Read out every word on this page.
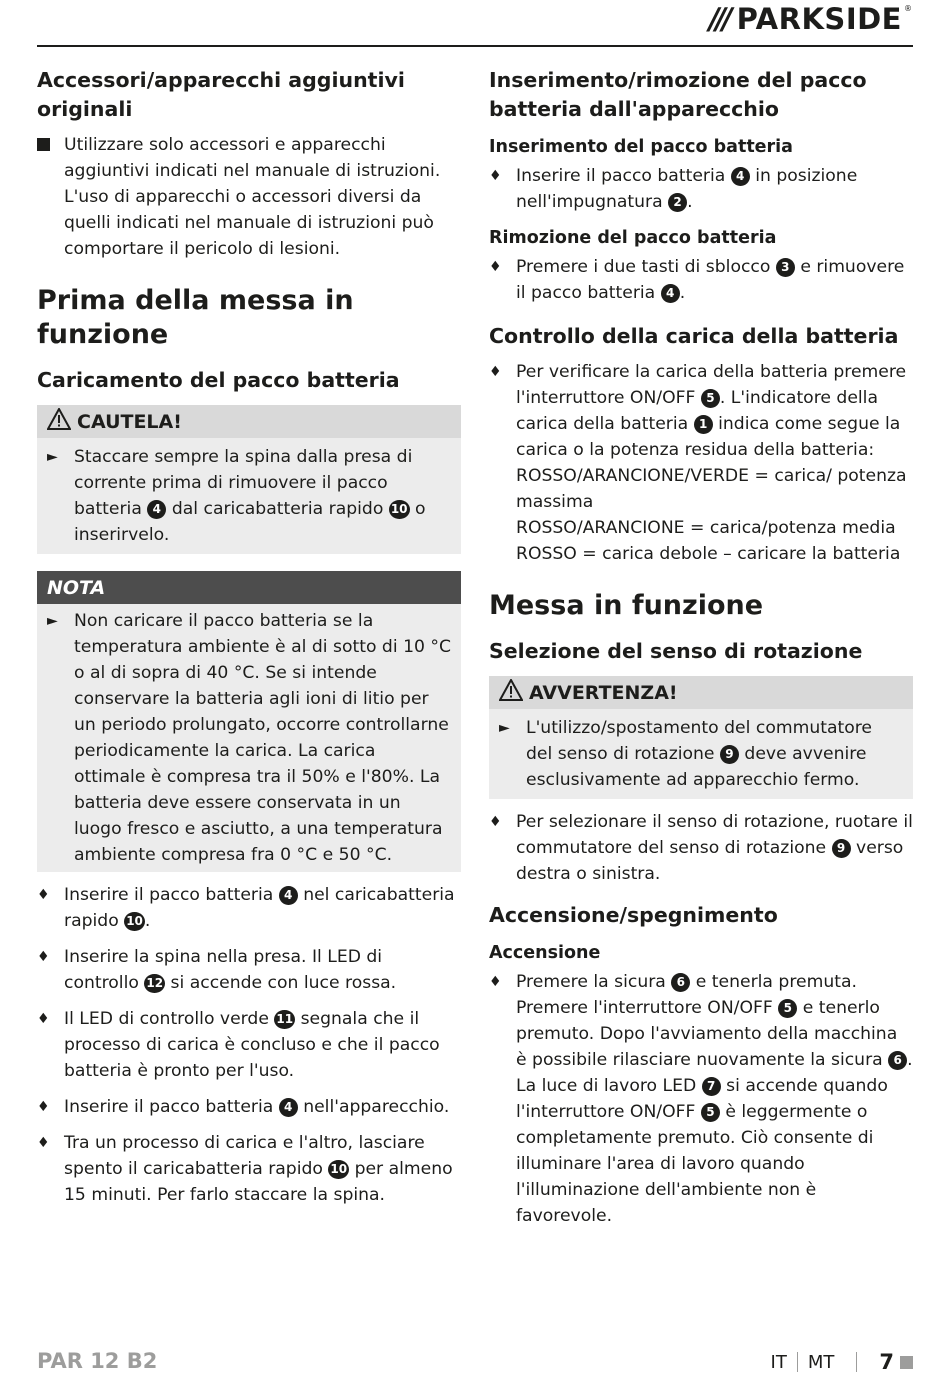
/// PARKSIDE ®
Accessori/apparecchi aggiuntivi originali

Utilizzare solo accessori e apparecchi aggiuntivi indicati nel manuale di istruzioni.

L'uso di apparecchi o accessori diversi da quelli indicati nel manuale di istruzioni può comportare il pericolo di lesioni.

Prima della messa in funzione
Caricamento del pacco batteria
CAUTELA!
► Staccare sempre la spina dalla presa di corrente prima di rimuovere il pacco batteria 4 dal caricabatteria rapido 10 o inserirvelo.

NOTA
► Non caricare il pacco batteria se la temperatura ambiente è al di sotto di 10 °C o al di sopra di 40 °C. Se si intende conservare la batteria agli ioni di litio per un periodo prolungato, occorre controllarne periodicamente la carica. La carica ottimale è compresa tra il 50% e l'80%. La batteria deve essere conservata in un luogo fresco e asciutto, a una temperatura ambiente compresa fra 0 °C e 50 °C.

♦ Inserire il pacco batteria 4 nel caricabatteria rapido 10 .

♦ Inserire la spina nella presa. Il LED di controllo 12 si accende con luce rossa.

♦ Il LED di controllo verde 11 segnala che il processo di carica è concluso e che il pacco batteria è pronto per l'uso.

♦ Inserire il pacco batteria 4 nell'apparecchio.

♦ Tra un processo di carica e l'altro, lasciare spento il caricabatteria rapido 10 per almeno 15 minuti. Per farlo staccare la spina.

Inserimento/rimozione del pacco batteria dall'apparecchio
Inserimento del pacco batteria
♦ Inserire il pacco batteria 4 in posizione nell'impugnatura 2 .

Rimozione del pacco batteria
♦ Premere i due tasti di sblocco 3 e rimuovere il pacco batteria 4 .

Controllo della carica della batteria
♦ Per verificare la carica della batteria premere l'interruttore ON/OFF 5 . L'indicatore della carica della batteria 1 indica come segue la carica o la potenza residua della batteria:

ROSSO/ARANCIONE/VERDE = carica/ potenza massima

ROSSO/ARANCIONE = carica/potenza media

ROSSO = carica debole – caricare la batteria

Messa in funzione
Selezione del senso di rotazione
AVVERTENZA!
► L'utilizzo/spostamento del commutatore del senso di rotazione 9 deve avvenire esclusivamente ad apparecchio fermo.

♦ Per selezionare il senso di rotazione, ruotare il commutatore del senso di rotazione 9 verso destra o sinistra.

Accensione/spegnimento
Accensione
♦ Premere la sicura 6 e tenerla premuta. Premere l'interruttore ON/OFF 5 e tenerlo premuto. Dopo l'avviamento della macchina è possibile rilasciare nuovamente la sicura 6 . La luce di lavoro LED 7 si accende quando l'interruttore ON/OFF 5 è leggermente o completamente premuto. Ciò consente di illuminare l'area di lavoro quando l'illuminazione dell'ambiente non è favorevole.

PAR 12 B2	IT MT 7
